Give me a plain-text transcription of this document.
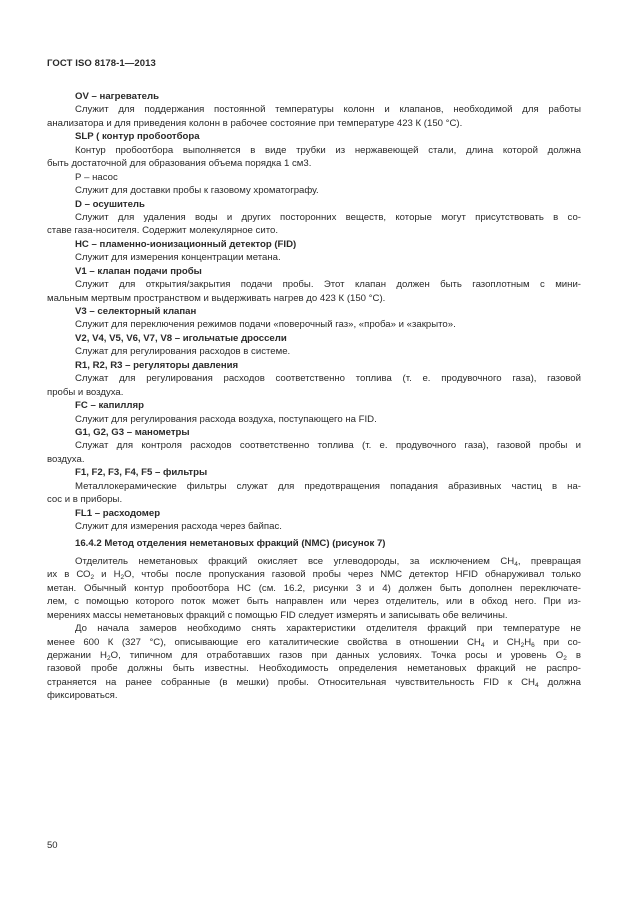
ГОСТ ISO 8178-1—2013
OV – нагреватель
Служит для поддержания постоянной температуры колонн и клапанов, необходимой для работы
анализатора и для приведения колонн в рабочее состояние при температуре 423 К (150 °С).
SLP ( контур пробоотбора
Контур пробоотбора выполняется в виде трубки из нержавеющей стали, длина которой должна
быть достаточной для образования объема порядка 1 см3.
Р – насос
Служит для доставки пробы к газовому хроматографу.
D – осушитель
Служит для удаления воды и других посторонних веществ, которые могут присутствовать в со-
ставе газа-носителя. Содержит молекулярное сито.
НС – пламенно-ионизационный детектор (FID)
Служит для измерения концентрации метана.
V1 – клапан подачи пробы
Служит для открытия/закрытия подачи пробы. Этот клапан должен быть газоплотным с мини-
мальным мертвым пространством и выдерживать нагрев до 423 К (150 °С).
V3 – селекторный клапан
Служит для переключения режимов подачи «поверочный газ», «проба» и «закрыто».
V2, V4, V5, V6, V7, V8 – игольчатые дроссели
Служат для регулирования расходов в системе.
R1, R2, R3 – регуляторы давления
Служат для регулирования расходов соответственно топлива (т. е. продувочного газа), газовой
пробы и воздуха.
FC – капилляр
Служит для регулирования расхода воздуха, поступающего на FID.
G1, G2, G3 – манометры
Служат для контроля расходов соответственно топлива (т. е. продувочного газа), газовой пробы и
воздуха.
F1, F2, F3, F4, F5 – фильтры
Металлокерамические фильтры служат для предотвращения попадания абразивных частиц в на-
сос и в приборы.
FL1 – расходомер
Служит для измерения расхода через байпас.
16.4.2 Метод отделения неметановых фракций (NMC) (рисунок 7)
Отделитель неметановых фракций окисляет все углеводороды, за исключением $СН_4$, превращая
их в $СО_2$ и $Н_2О$, чтобы после пропускания газовой пробы через NMC детектор HFID обнаруживал только
метан. Обычный контур пробоотбора НС (см. 16.2, рисунки 3 и 4) должен быть дополнен переключате-
лем, с помощью которого поток может быть направлен или через отделитель, или в обход него. При из-
мерениях массы неметановых фракций с помощью FID следует измерять и записывать обе величины.
До начала замеров необходимо снять характеристики отделителя фракций при температуре не
менее 600 К (327 °С), описывающие его каталитические свойства в отношении $СН_4$ и $СН_2Н_6$ при со-
держании $Н_2О$, типичном для отработавших газов при данных условиях. Точка росы и уровень $О_2$ в
газовой пробе должны быть известны. Необходимость определения неметановых фракций не распро-
страняется на ранее собранные (в мешки) пробы. Относительная чувствительность FID к $СН_4$ должна
фиксироваться.
50
